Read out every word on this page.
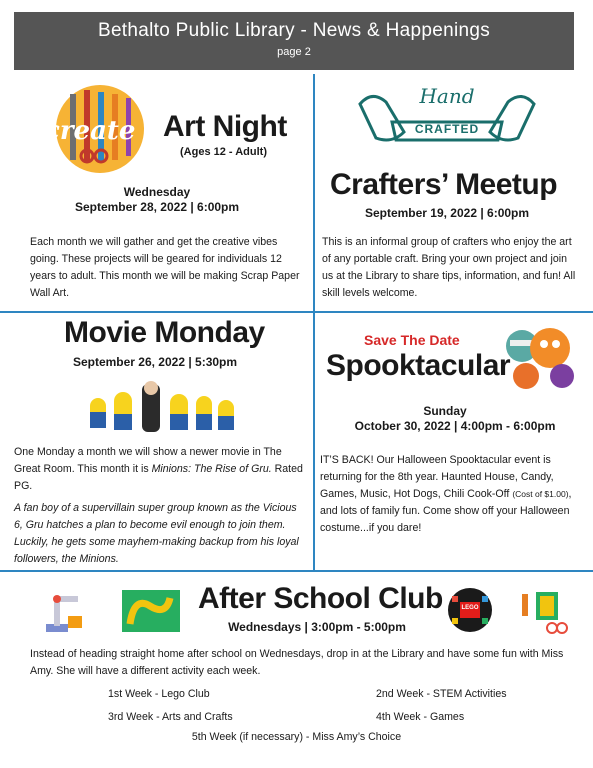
Bethalto Public Library - News & Happenings
page 2
create Art Night
(Ages 12 - Adult)
Wednesday
September 28, 2022 | 6:00pm
Each month we will gather and get the creative vibes going. These projects will be geared for individuals 12 years to adult. This month we will be making Scrap Paper Wall Art.
Hand
CRAFTED
Crafters’ Meetup
September 19, 2022 | 6:00pm
This is an informal group of crafters who enjoy the art of any portable craft. Bring your own project and join us at the Library to share tips, information, and fun! All skill levels welcome.
Movie Monday
September 26, 2022 | 5:30pm
One Monday a month we will show a newer movie in The Great Room. This month it is Minions: The Rise of Gru. Rated PG.
A fan boy of a supervillain super group known as the Vicious 6, Gru hatches a plan to become evil enough to join them. Luckily, he gets some mayhem-making backup from his loyal followers, the Minions.
Save The Date
Spooktacular
Sunday
October 30, 2022 | 4:00pm - 6:00pm
IT’S BACK! Our Halloween Spooktacular event is returning for the 8th year. Haunted House, Candy, Games, Music, Hot Dogs, Chili Cook-Off (Cost of $1.00), and lots of family fun. Come show off your Halloween costume...if you dare!
After School Club
Wednesdays | 3:00pm - 5:00pm
LEGO
Instead of heading straight home after school on Wednesdays, drop in at the Library and have some fun with Miss Amy. She will have a different activity each week.
1st Week - Lego Club	2nd Week - STEM Activities
3rd Week - Arts and Crafts	4th Week - Games
5th Week (if necessary) - Miss Amy’s Choice
